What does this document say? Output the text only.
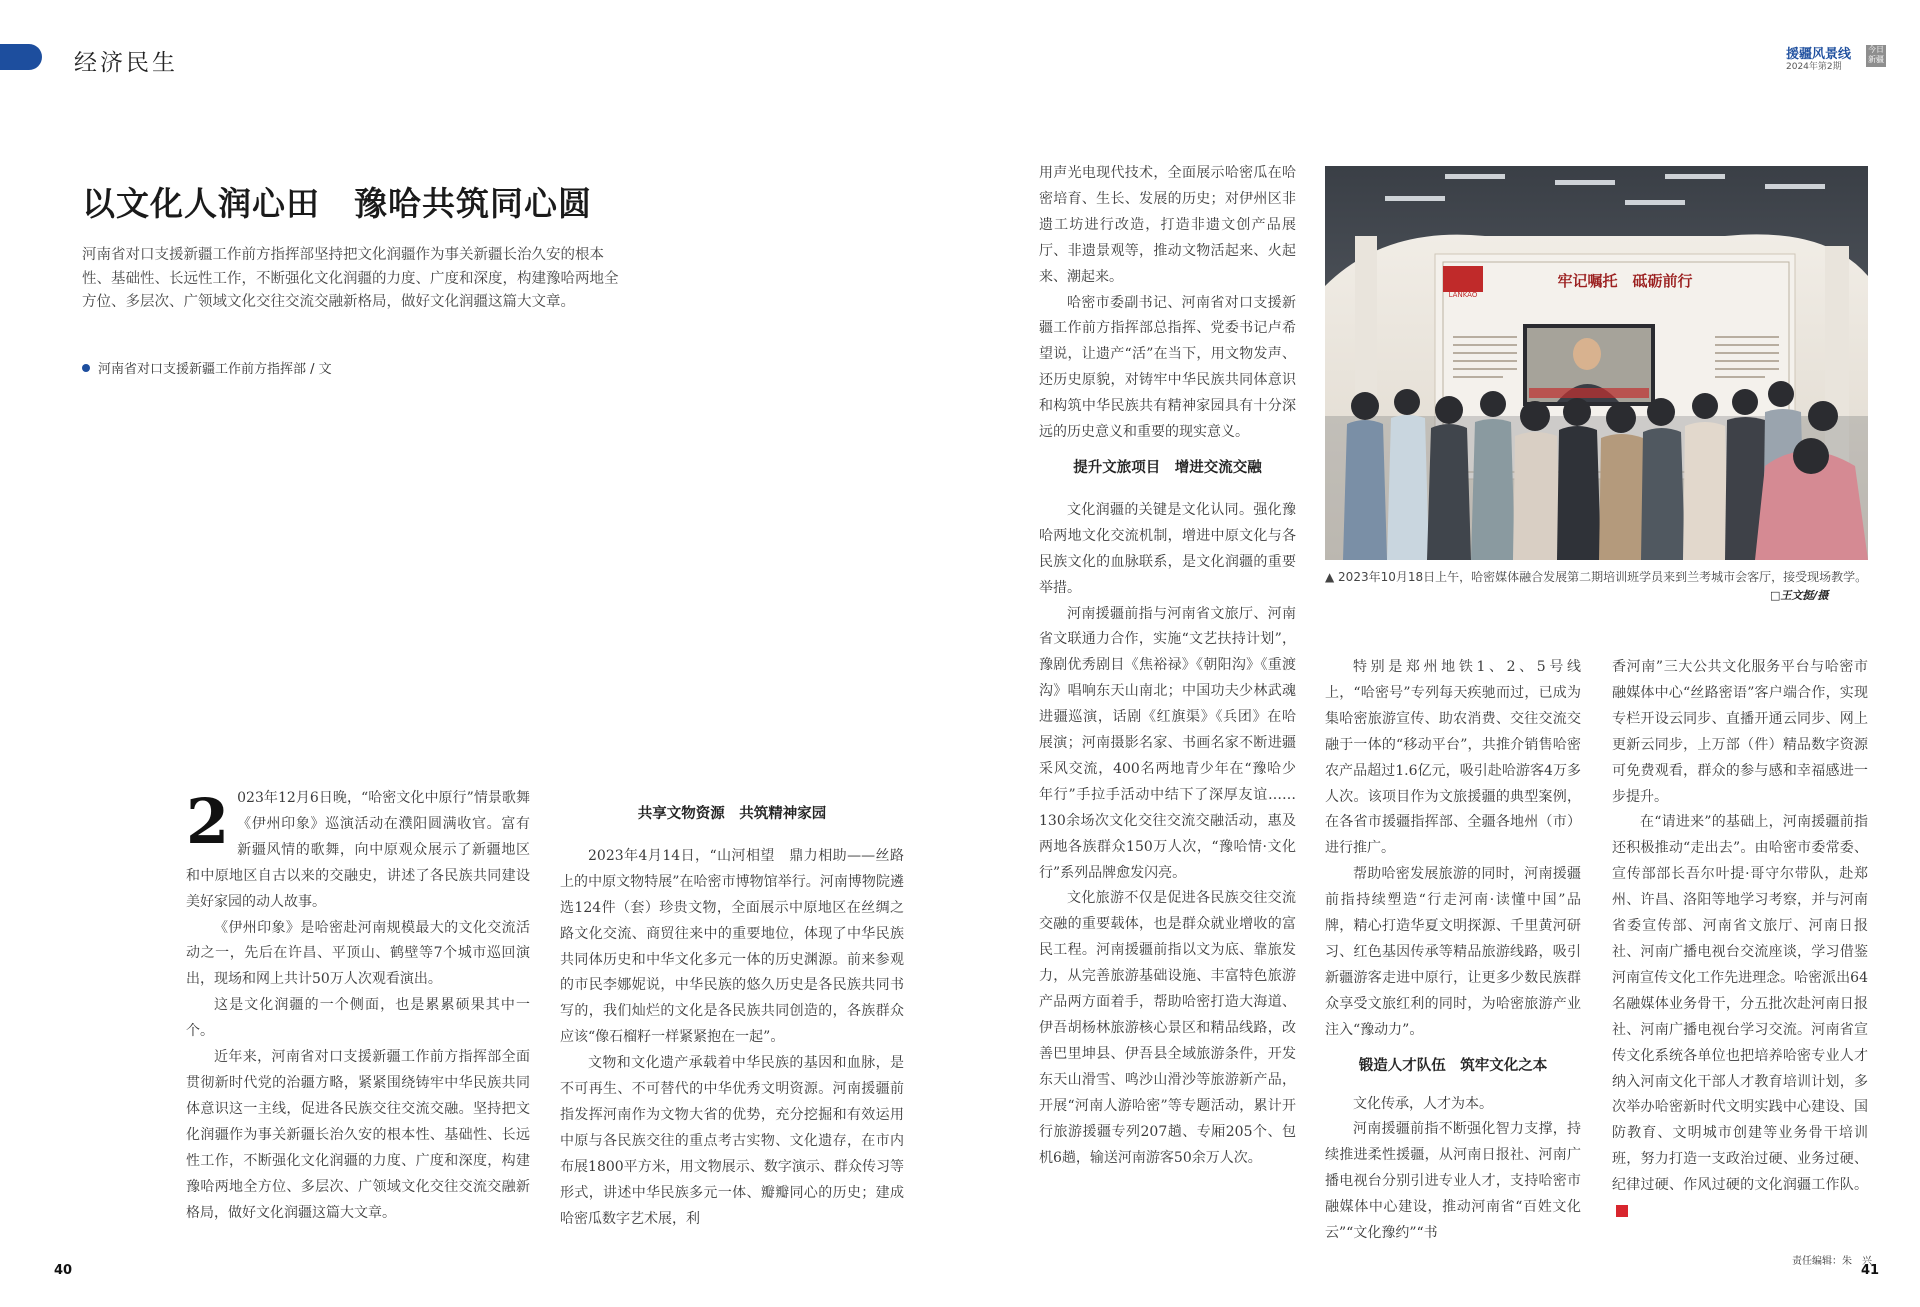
经济民生	援疆风景线
2024年第2期
今日新疆
以文化人润心田　豫哈共筑同心圆
河南省对口支援新疆工作前方指挥部坚持把文化润疆作为事关新疆长治久安的根本性、基础性、长远性工作，不断强化文化润疆的力度、广度和深度，构建豫哈两地全方位、多层次、广领域文化交往交流交融新格局，做好文化润疆这篇大文章。
河南省对口支援新疆工作前方指挥部 / 文
2 023年12月6日晚，“哈密文化中原行”情景歌舞《伊州印象》巡演活动在濮阳圆满收官。富有新疆风情的歌舞，向中原观众展示了新疆地区和中原地区自古以来的交融史，讲述了各民族共同建设美好家园的动人故事。

《伊州印象》是哈密赴河南规模最大的文化交流活动之一，先后在许昌、平顶山、鹤壁等7个城市巡回演出，现场和网上共计50万人次观看演出。

这是文化润疆的一个侧面，也是累累硕果其中一个。

近年来，河南省对口支援新疆工作前方指挥部全面贯彻新时代党的治疆方略，紧紧围绕铸牢中华民族共同体意识这一主线，促进各民族交往交流交融。坚持把文化润疆作为事关新疆长治久安的根本性、基础性、长远性工作，不断强化文化润疆的力度、广度和深度，构建豫哈两地全方位、多层次、广领域文化交往交流交融新格局，做好文化润疆这篇大文章。

共享文物资源　共筑精神家园

2023年4月14日，“山河相望　鼎力相助——丝路上的中原文物特展”在哈密市博物馆举行。河南博物院遴选124件（套）珍贵文物，全面展示中原地区在丝绸之路文化交流、商贸往来中的重要地位，体现了中华民族共同体历史和中华文化多元一体的历史渊源。前来参观的市民李娜妮说，中华民族的悠久历史是各民族共同书写的，我们灿烂的文化是各民族共同创造的，各族群众应该“像石榴籽一样紧紧抱在一起”。

文物和文化遗产承载着中华民族的基因和血脉，是不可再生、不可替代的中华优秀文明资源。河南援疆前指发挥河南作为文物大省的优势，充分挖掘和有效运用中原与各民族交往的重点考古实物、文化遗存，在市内布展1800平方米，用文物展示、数字演示、群众传习等形式，讲述中华民族多元一体、瓣瓣同心的历史；建成哈密瓜数字艺术展，利

用声光电现代技术，全面展示哈密瓜在哈密培育、生长、发展的历史；对伊州区非遗工坊进行改造，打造非遗文创产品展厅、非遗景观等，推动文物活起来、火起来、潮起来。

哈密市委副书记、河南省对口支援新疆工作前方指挥部总指挥、党委书记卢希望说，让遗产“活”在当下，用文物发声、还历史原貌，对铸牢中华民族共同体意识和构筑中华民族共有精神家园具有十分深远的历史意义和重要的现实意义。

提升文旅项目　增进交流交融

文化润疆的关键是文化认同。强化豫哈两地文化交流机制，增进中原文化与各民族文化的血脉联系，是文化润疆的重要举措。

河南援疆前指与河南省文旅厅、河南省文联通力合作，实施“文艺扶持计划”，豫剧优秀剧目《焦裕禄》《朝阳沟》《重渡沟》唱响东天山南北；中国功夫少林武魂进疆巡演，话剧《红旗渠》《兵团》在哈展演；河南摄影名家、书画名家不断进疆采风交流，400名两地青少年在“豫哈少年行”手拉手活动中结下了深厚友谊……130余场次文化交往交流交融活动，惠及两地各族群众150万人次，“豫哈情·文化行”系列品牌愈发闪亮。

文化旅游不仅是促进各民族交往交流交融的重要载体，也是群众就业增收的富民工程。河南援疆前指以文为底、靠旅发力，从完善旅游基础设施、丰富特色旅游产品两方面着手，帮助哈密打造大海道、伊吾胡杨林旅游核心景区和精品线路，改善巴里坤县、伊吾县全域旅游条件，开发东天山滑雪、鸣沙山滑沙等旅游新产品，开展“河南人游哈密”等专题活动，累计开行旅游援疆专列207趟、专厢205个、包机6趟，输送河南游客50余万人次。

LANKAO
牢记嘱托　砥砺前行
▲ 2023年10月18日上午，哈密媒体融合发展第二期培训班学员来到兰考城市会客厅，接受现场教学。
□王文挺/摄

特别是郑州地铁1、2、5号线上，“哈密号”专列每天疾驰而过，已成为集哈密旅游宣传、助农消费、交往交流交融于一体的“移动平台”，共推介销售哈密农产品超过1.6亿元，吸引赴哈游客4万多人次。该项目作为文旅援疆的典型案例，在各省市援疆指挥部、全疆各地州（市）进行推广。

帮助哈密发展旅游的同时，河南援疆前指持续塑造“行走河南·读懂中国”品牌，精心打造华夏文明探源、千里黄河研习、红色基因传承等精品旅游线路，吸引新疆游客走进中原行，让更多少数民族群众享受文旅红利的同时，为哈密旅游产业注入“豫动力”。

锻造人才队伍　筑牢文化之本

文化传承，人才为本。

河南援疆前指不断强化智力支撑，持续推进柔性援疆，从河南日报社、河南广播电视台分别引进专业人才，支持哈密市融媒体中心建设，推动河南省“百姓文化云”“文化豫约”“书

香河南”三大公共文化服务平台与哈密市融媒体中心“丝路密语”客户端合作，实现专栏开设云同步、直播开通云同步、网上更新云同步，上万部（件）精品数字资源可免费观看，群众的参与感和幸福感进一步提升。

在“请进来”的基础上，河南援疆前指还积极推动“走出去”。由哈密市委常委、宣传部部长吾尔叶提·哥守尔带队，赴郑州、许昌、洛阳等地学习考察，并与河南省委宣传部、河南省文旅厅、河南日报社、河南广播电视台交流座谈，学习借鉴河南宣传文化工作先进理念。哈密派出64名融媒体业务骨干，分五批次赴河南日报社、河南广播电视台学习交流。河南省宣传文化系统各单位也把培养哈密专业人才纳入河南文化干部人才教育培训计划，多次举办哈密新时代文明实践中心建设、国防教育、文明城市创建等业务骨干培训班，努力打造一支政治过硬、业务过硬、纪律过硬、作风过硬的文化润疆工作队。

40	41
责任编辑：朱　兴
